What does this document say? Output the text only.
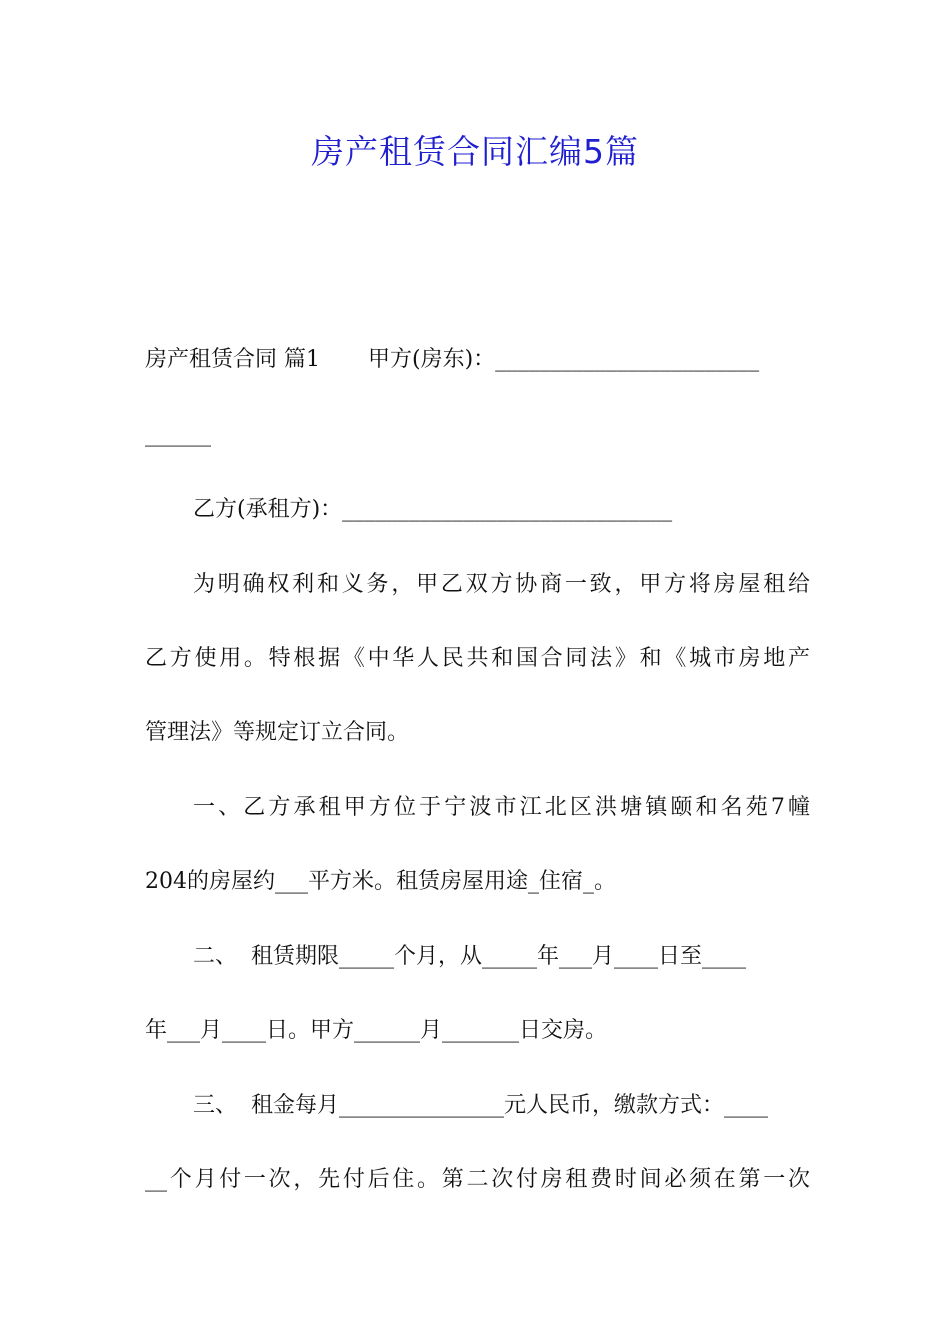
房产租赁合同汇编5篇
房产租赁合同 篇1 甲方(房东)：________________________
______
乙方(承租方)：______________________________
为明确权利和义务，甲乙双方协商一致，甲方将房屋租给
乙方使用。特根据《中华人民共和国合同法》和《城市房地产
管理法》等规定订立合同。
一、乙方承租甲方位于宁波市江北区洪塘镇颐和名苑7幢
204的房屋约___平方米。租赁房屋用途_住宿_。
二、 租赁期限_____个月，从_____年___月____日至____
年___月____日。甲方______月_______日交房。
三、 租金每月_______________元人民币，缴款方式：____
__个月付一次，先付后住。第二次付房租费时间必须在第一次
